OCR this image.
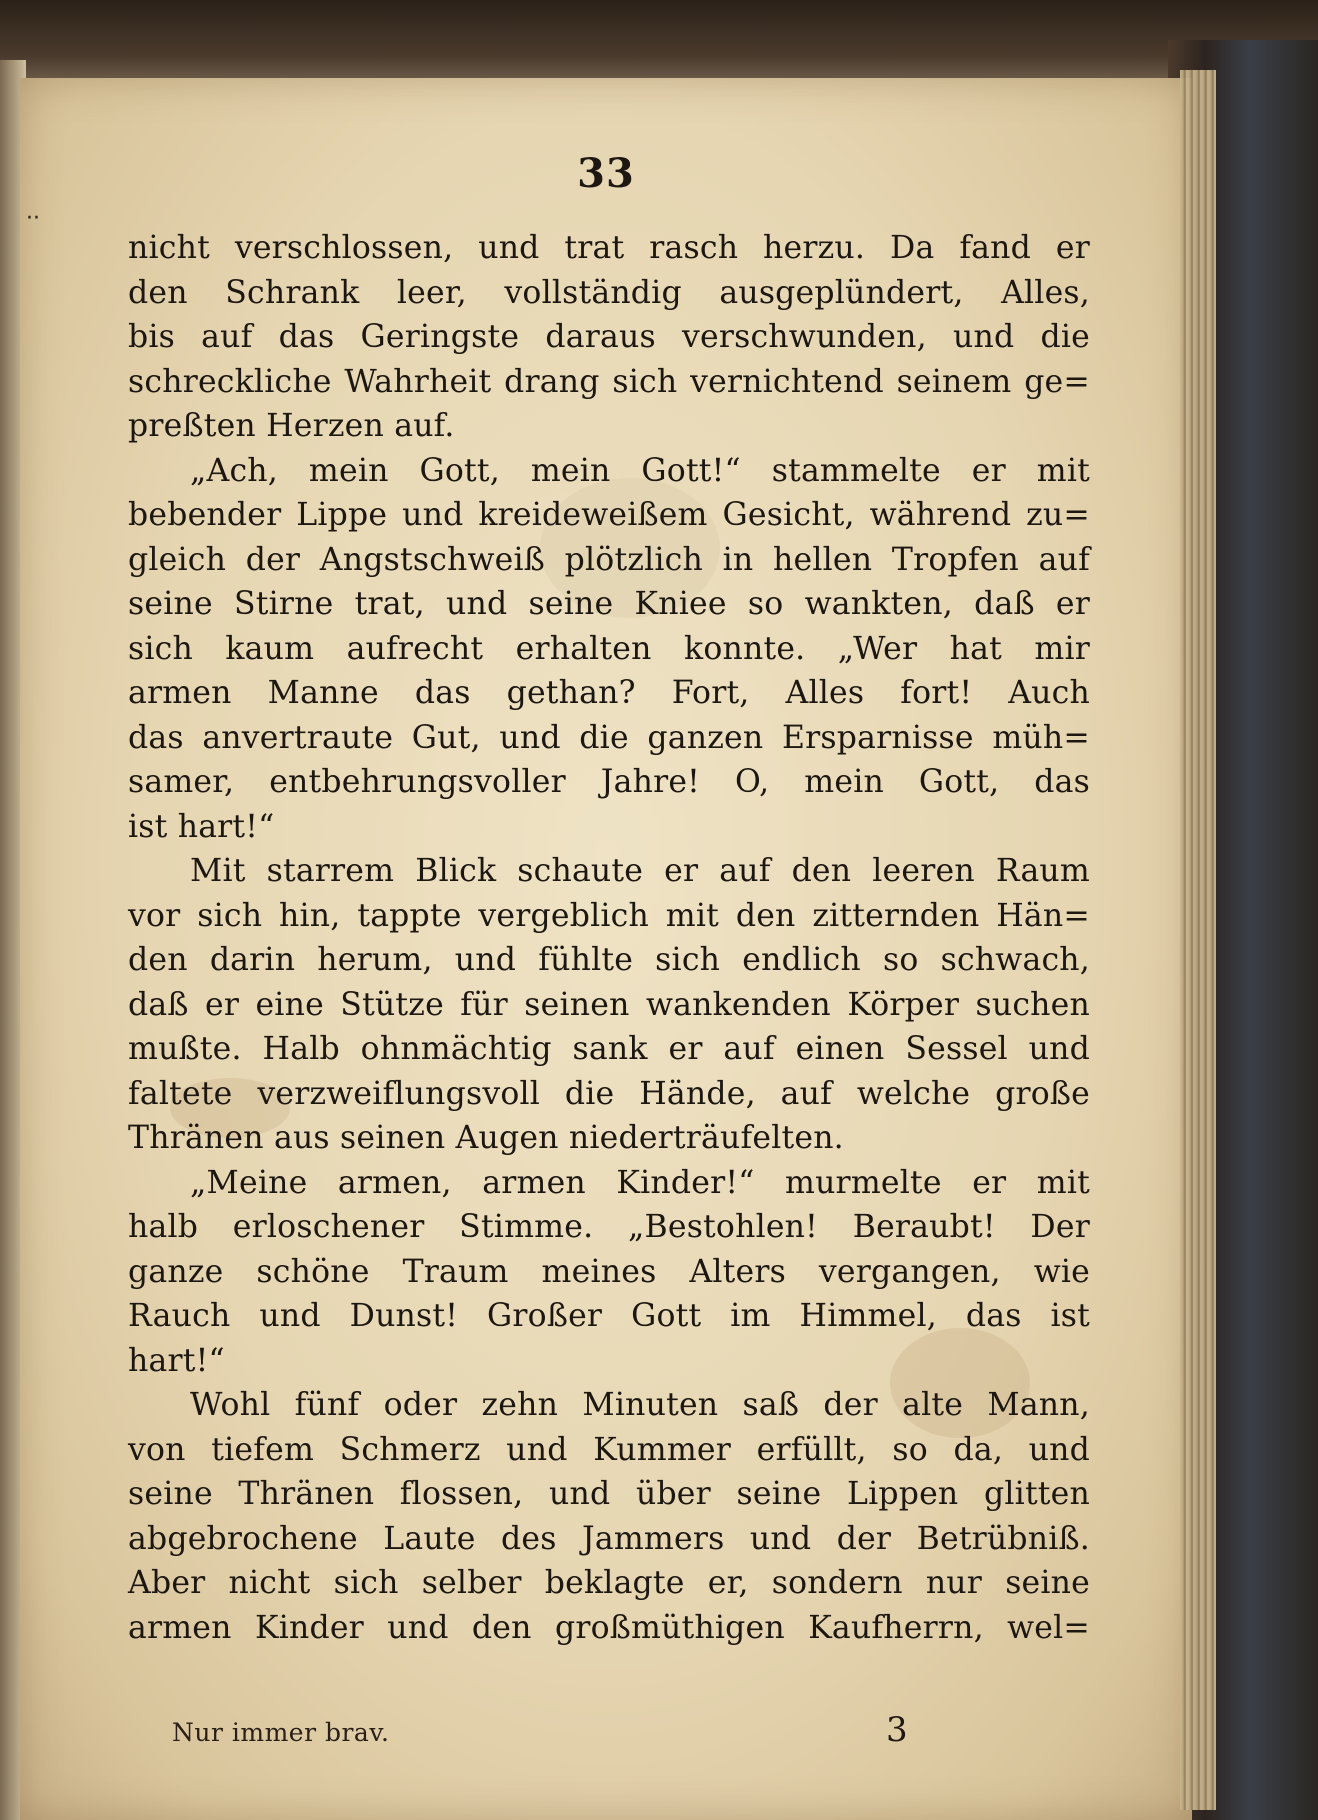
··
33
nicht verschlossen, und trat rasch herzu. Da fand er
den Schrank leer, vollständig ausgeplündert, Alles,
bis auf das Geringste daraus verschwunden, und die
schreckliche Wahrheit drang sich vernichtend seinem ge=
preßten Herzen auf.
„Ach, mein Gott, mein Gott!“ stammelte er mit
bebender Lippe und kreideweißem Gesicht, während zu=
gleich der Angstschweiß plötzlich in hellen Tropfen auf
seine Stirne trat, und seine Kniee so wankten, daß er
sich kaum aufrecht erhalten konnte. „Wer hat mir
armen Manne das gethan? Fort, Alles fort! Auch
das anvertraute Gut, und die ganzen Ersparnisse müh=
samer, entbehrungsvoller Jahre! O, mein Gott, das
ist hart!“
Mit starrem Blick schaute er auf den leeren Raum
vor sich hin, tappte vergeblich mit den zitternden Hän=
den darin herum, und fühlte sich endlich so schwach,
daß er eine Stütze für seinen wankenden Körper suchen
mußte. Halb ohnmächtig sank er auf einen Sessel und
faltete verzweiflungsvoll die Hände, auf welche große
Thränen aus seinen Augen niederträufelten.
„Meine armen, armen Kinder!“ murmelte er mit
halb erloschener Stimme. „Bestohlen! Beraubt! Der
ganze schöne Traum meines Alters vergangen, wie
Rauch und Dunst! Großer Gott im Himmel, das ist
hart!“
Wohl fünf oder zehn Minuten saß der alte Mann,
von tiefem Schmerz und Kummer erfüllt, so da, und
seine Thränen flossen, und über seine Lippen glitten
abgebrochene Laute des Jammers und der Betrübniß.
Aber nicht sich selber beklagte er, sondern nur seine
armen Kinder und den großmüthigen Kaufherrn, wel=
Nur immer brav.	3
